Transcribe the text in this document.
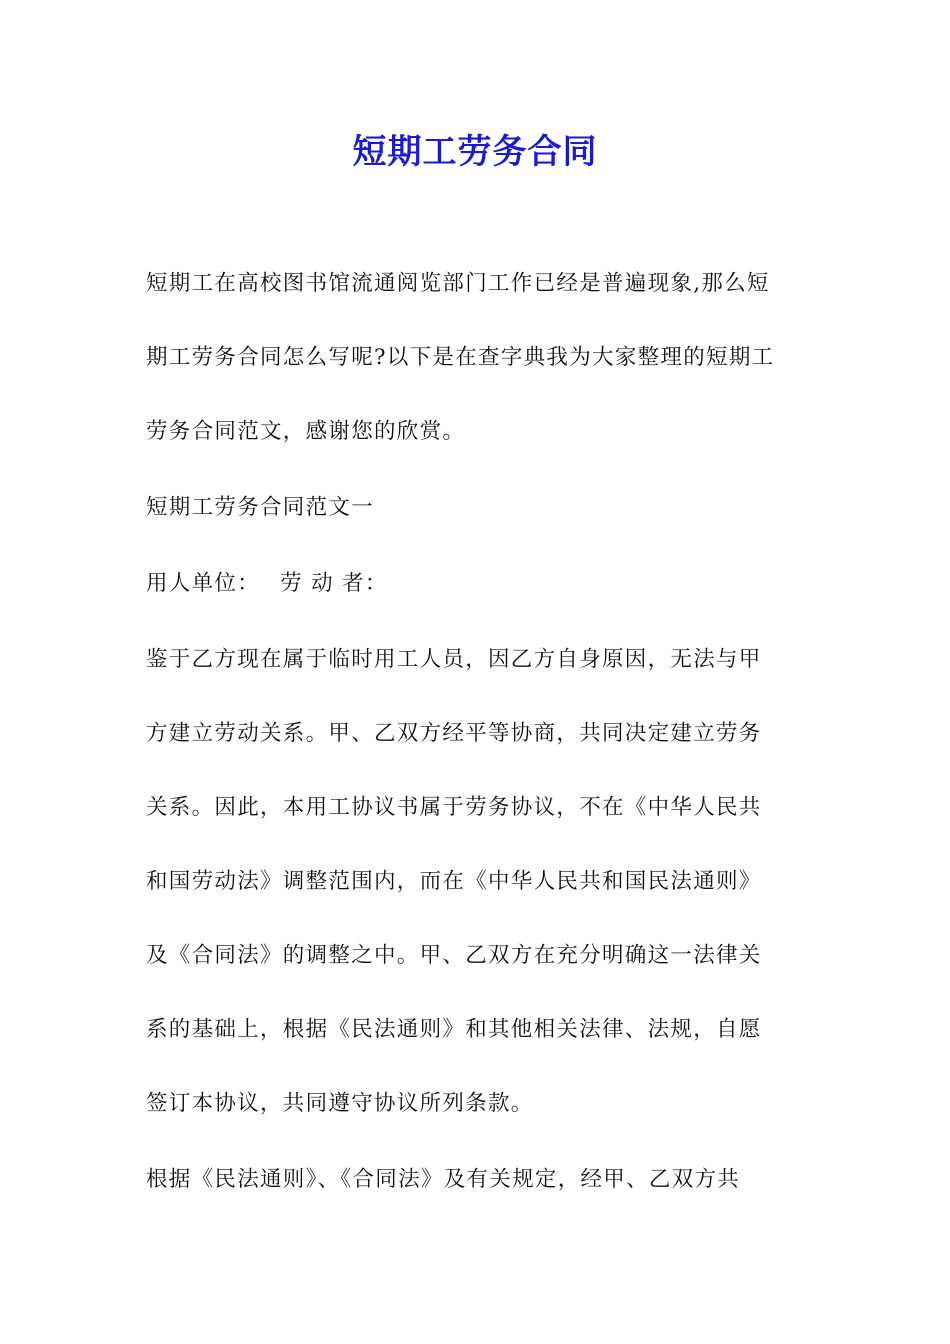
短期工劳务合同
短期工在高校图书馆流通阅览部门工作已经是普遍现象,那么短
期工劳务合同怎么写呢?以下是在查字典我为大家整理的短期工
劳务合同范文，感谢您的欣赏。
短期工劳务合同范文一
用人单位：　 劳 动 者：
鉴于乙方现在属于临时用工人员，因乙方自身原因，无法与甲
方建立劳动关系。甲、乙双方经平等协商，共同决定建立劳务
关系。因此，本用工协议书属于劳务协议，不在《中华人民共
和国劳动法》调整范围内，而在《中华人民共和国民法通则》
及《合同法》的调整之中。甲、乙双方在充分明确这一法律关
系的基础上，根据《民法通则》和其他相关法律、法规，自愿
签订本协议，共同遵守协议所列条款。
根据《民法通则》、《合同法》及有关规定，经甲、乙双方共
